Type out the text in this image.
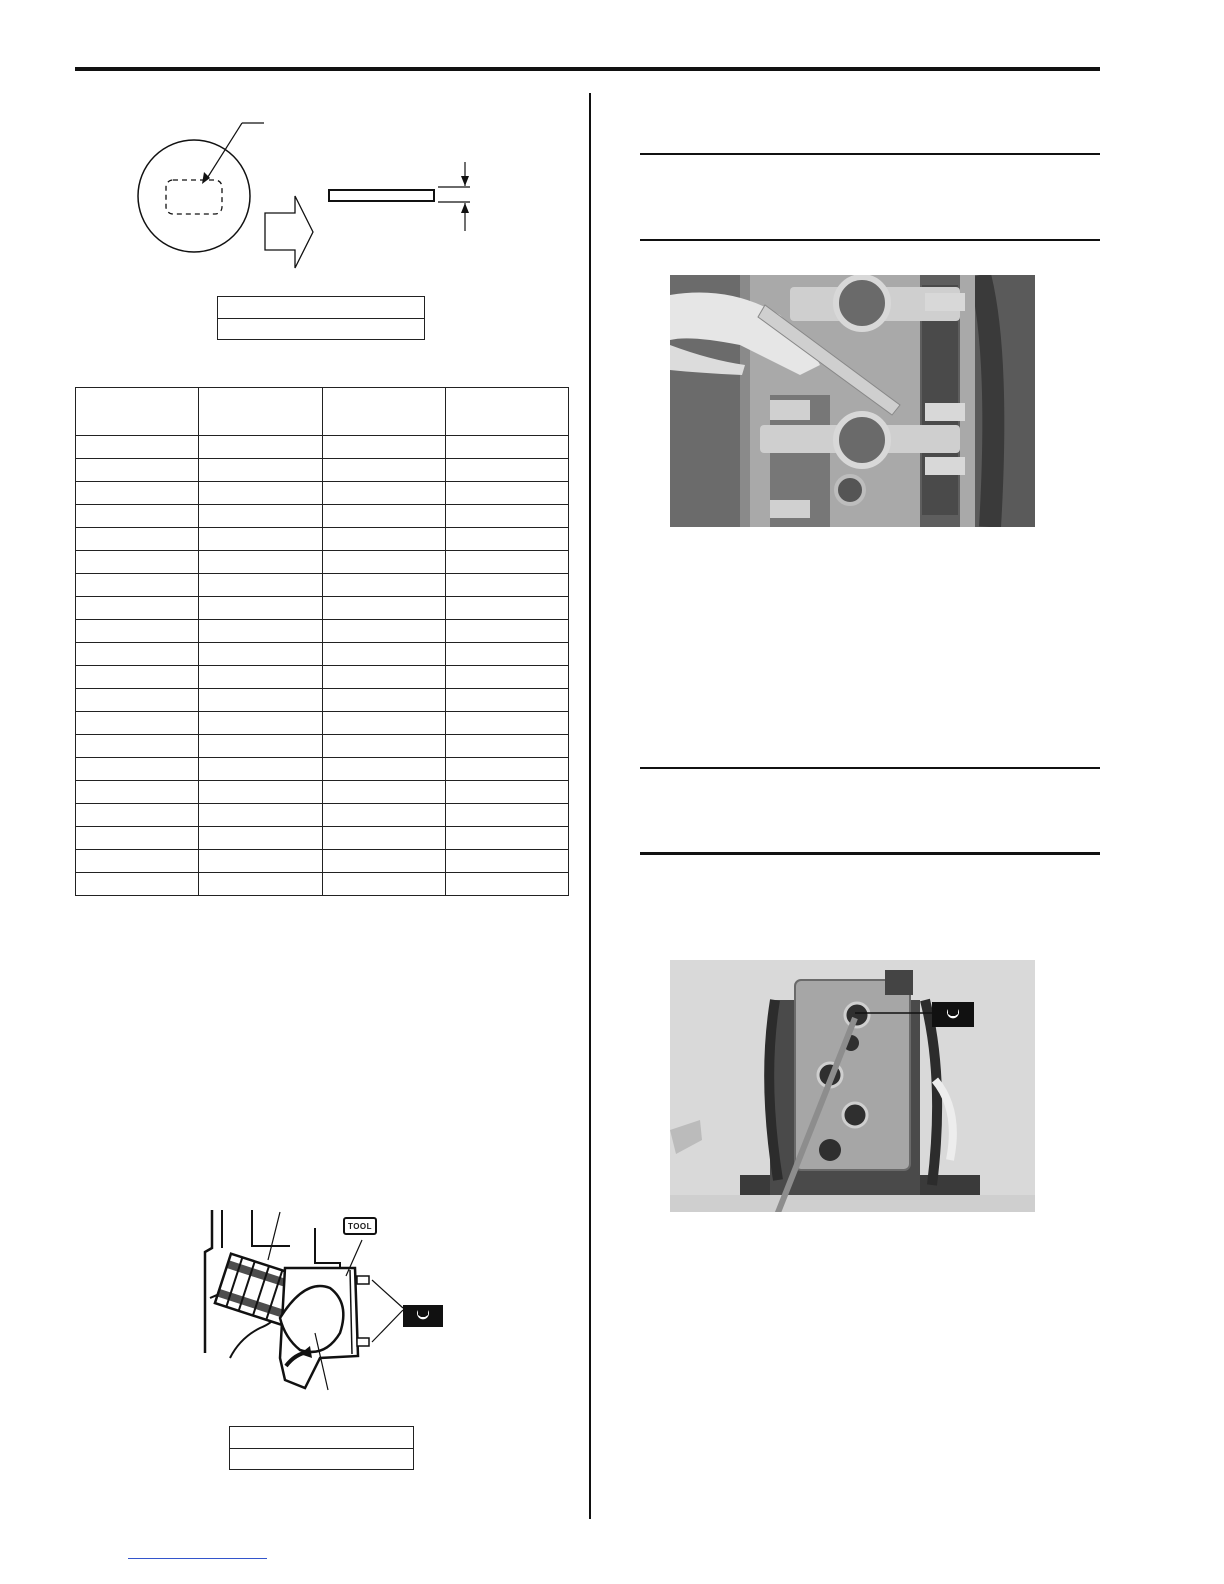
TOOL
